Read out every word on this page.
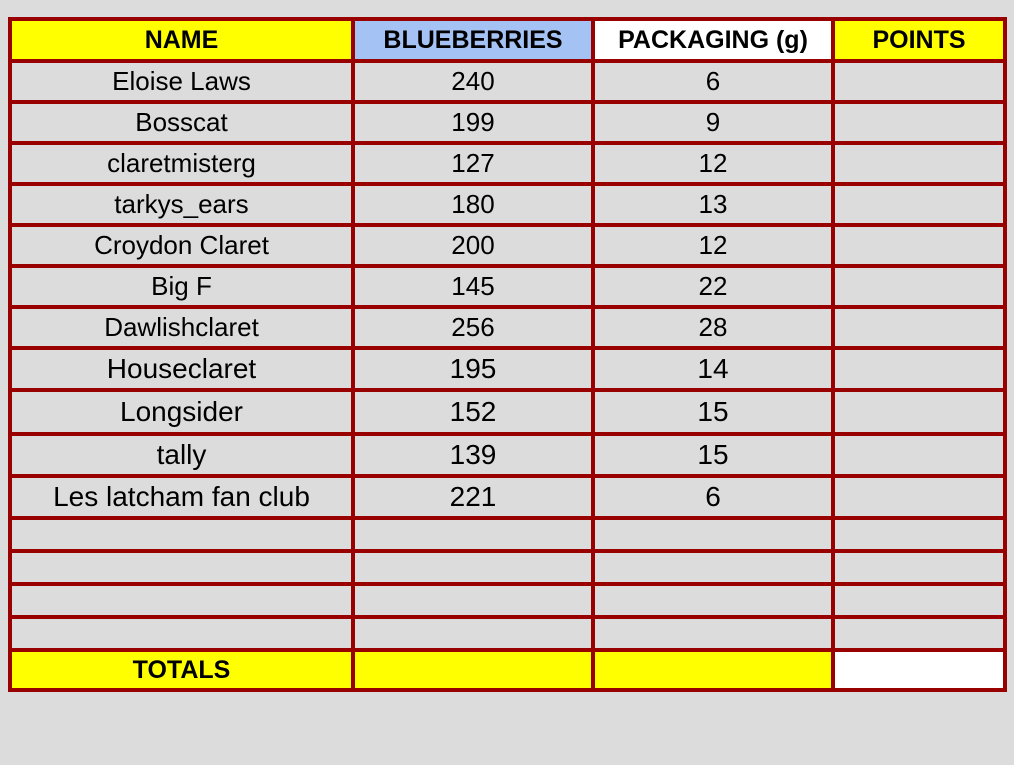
NAME	BLUEBERRIES	PACKAGING (g)	POINTS
Eloise Laws	240	6	
Bosscat	199	9	
claretmisterg	127	12	
tarkys_ears	180	13	
Croydon Claret	200	12	
Big F	145	22	
Dawlishclaret	256	28	
Houseclaret	195	14	
Longsider	152	15	
tally	139	15	
Les latcham fan club	221	6	

TOTALS			
